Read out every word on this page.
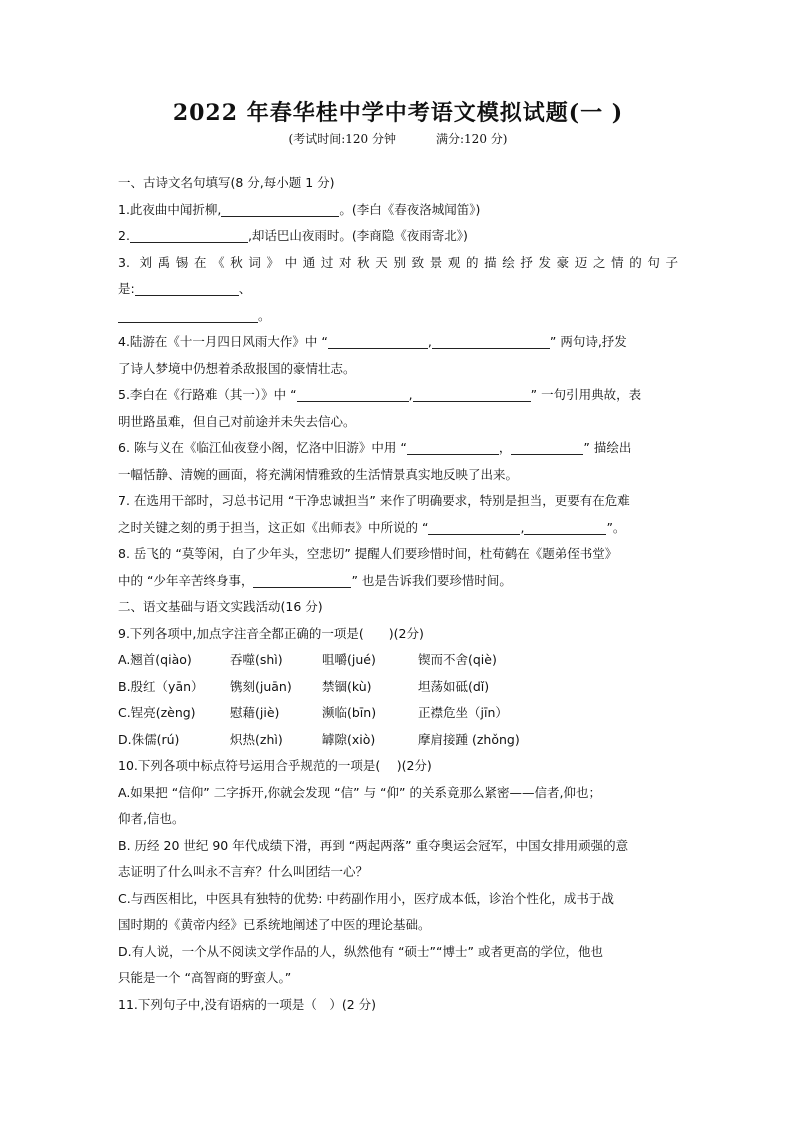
2022 年春华桂中学中考语文模拟试题(一 )

(考试时间:120 分钟	满分:120 分)

一、古诗文名句填写(8 分,每小题 1 分)

1.此夜曲中闻折柳,	。(李白《春夜洛城闻笛》)

2.	,却话巴山夜雨时。(李商隐《夜雨寄北》)

3. 刘禹锡在《秋词》中通过对秋天别致景观的描绘抒发豪迈之情的句子

是:	、

。

4.陆游在《十一月四日风雨大作》中 “	,	” 两句诗,抒发

了诗人梦境中仍想着杀敌报国的豪情壮志。

5.李白在《行路难（其一）》中 “	,	” 一句引用典故，表

明世路虽难，但自己对前途并未失去信心。

6. 陈与义在《临江仙夜登小阁，忆洛中旧游》中用 “	，	” 描绘出

一幅恬静、清婉的画面，将充满闲情雅致的生活情景真实地反映了出来。

7. 在选用干部时，习总书记用 “干净忠诚担当” 来作了明确要求，特别是担当，更要有在危难

之时关键之刻的勇于担当，这正如《出师表》中所说的 “	,	”。

8. 岳飞的 “莫等闲，白了少年头，空悲切” 提醒人们要珍惜时间，杜荀鹤在《题弟侄书堂》

中的 “少年辛苦终身事，	” 也是告诉我们要珍惜时间。

二、语文基础与语文实践活动(16 分)

9.下列各项中,加点字注音全都正确的一项是(　　)(2分)

A.翘首(qiào)	吞噬(shì)	咀嚼(jué)	锲而不舍(qiè)
B.殷红（yān）	镌刻(juān)	禁锢(kù)	坦荡如砥(dǐ)
C.锃亮(zèng)	慰藉(jiè)	濒临(bīn)	正襟危坐（jīn）
D.侏儒(rú)	炽热(zhì)	罅隙(xiò)	摩肩接踵 (zhǒng)

10.下列各项中标点符号运用合乎规范的一项是(　 )(2分)

A.如果把 “信仰” 二字拆开,你就会发现 “信” 与 “仰” 的关系竟那么紧密——信者,仰也；

仰者,信也。

B. 历经 20 世纪 90 年代成绩下滑，再到 “两起两落” 重夺奥运会冠军，中国女排用顽强的意

志证明了什么叫永不言弃？什么叫团结一心？

C.与西医相比，中医具有独特的优势: 中药副作用小，医疗成本低，诊治个性化，成书于战

国时期的《黄帝内经》已系统地阐述了中医的理论基础。

D.有人说，一个从不阅读文学作品的人，纵然他有 “硕士”“博士” 或者更高的学位，他也

只能是一个 “高智商的野蛮人。”

11.下列句子中,没有语病的一项是（　）(2 分)
